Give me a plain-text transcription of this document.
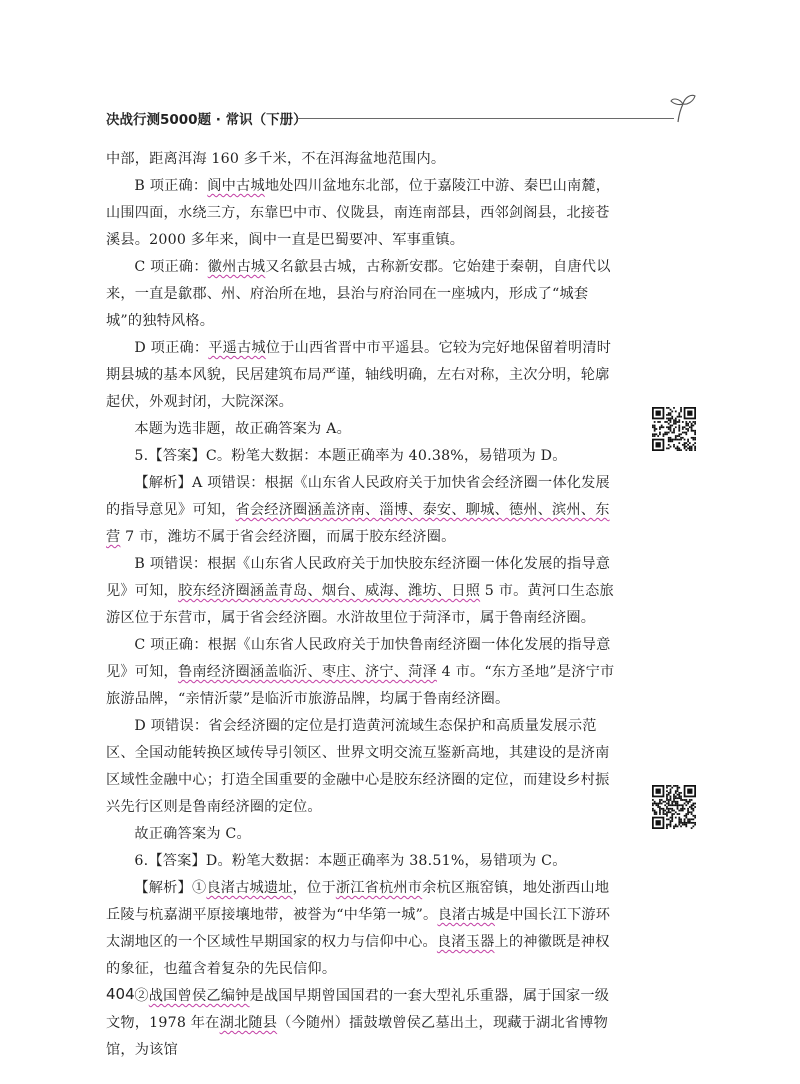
决战行测5000题 · 常识（下册）

中部，距离洱海 160 多千米，不在洱海盆地范围内。

B 项正确：阆中古城地处四川盆地东北部，位于嘉陵江中游、秦巴山南麓，山围四面，水绕三方，东靠巴中市、仪陇县，南连南部县，西邻剑阁县，北接苍溪县。2000 多年来，阆中一直是巴蜀要冲、军事重镇。

C 项正确：徽州古城又名歙县古城，古称新安郡。它始建于秦朝，自唐代以来，一直是歙郡、州、府治所在地，县治与府治同在一座城内，形成了“城套城”的独特风格。

D 项正确：平遥古城位于山西省晋中市平遥县。它较为完好地保留着明清时期县城的基本风貌，民居建筑布局严谨，轴线明确，左右对称，主次分明，轮廓起伏，外观封闭，大院深深。

本题为选非题，故正确答案为 A。

5.【答案】C。粉笔大数据：本题正确率为 40.38%，易错项为 D。

【解析】A 项错误：根据《山东省人民政府关于加快省会经济圈一体化发展的指导意见》可知，省会经济圈涵盖济南、淄博、泰安、聊城、德州、滨州、东营 7 市，潍坊不属于省会经济圈，而属于胶东经济圈。

B 项错误：根据《山东省人民政府关于加快胶东经济圈一体化发展的指导意见》可知，胶东经济圈涵盖青岛、烟台、威海、潍坊、日照 5 市。黄河口生态旅游区位于东营市，属于省会经济圈。水浒故里位于菏泽市，属于鲁南经济圈。

C 项正确：根据《山东省人民政府关于加快鲁南经济圈一体化发展的指导意见》可知，鲁南经济圈涵盖临沂、枣庄、济宁、菏泽 4 市。“东方圣地”是济宁市旅游品牌，“亲情沂蒙”是临沂市旅游品牌，均属于鲁南经济圈。

D 项错误：省会经济圈的定位是打造黄河流域生态保护和高质量发展示范区、全国动能转换区域传导引领区、世界文明交流互鉴新高地，其建设的是济南区域性金融中心；打造全国重要的金融中心是胶东经济圈的定位，而建设乡村振兴先行区则是鲁南经济圈的定位。

故正确答案为 C。

6.【答案】D。粉笔大数据：本题正确率为 38.51%，易错项为 C。

【解析】①良渚古城遗址，位于浙江省杭州市余杭区瓶窑镇，地处浙西山地丘陵与杭嘉湖平原接壤地带，被誉为“中华第一城”。良渚古城是中国长江下游环太湖地区的一个区域性早期国家的权力与信仰中心。良渚玉器上的神徽既是神权的象征，也蕴含着复杂的先民信仰。

②战国曾侯乙编钟是战国早期曾国国君的一套大型礼乐重器，属于国家一级文物，1978 年在湖北随县（今随州）擂鼓墩曾侯乙墓出土，现藏于湖北省博物馆，为该馆

404
